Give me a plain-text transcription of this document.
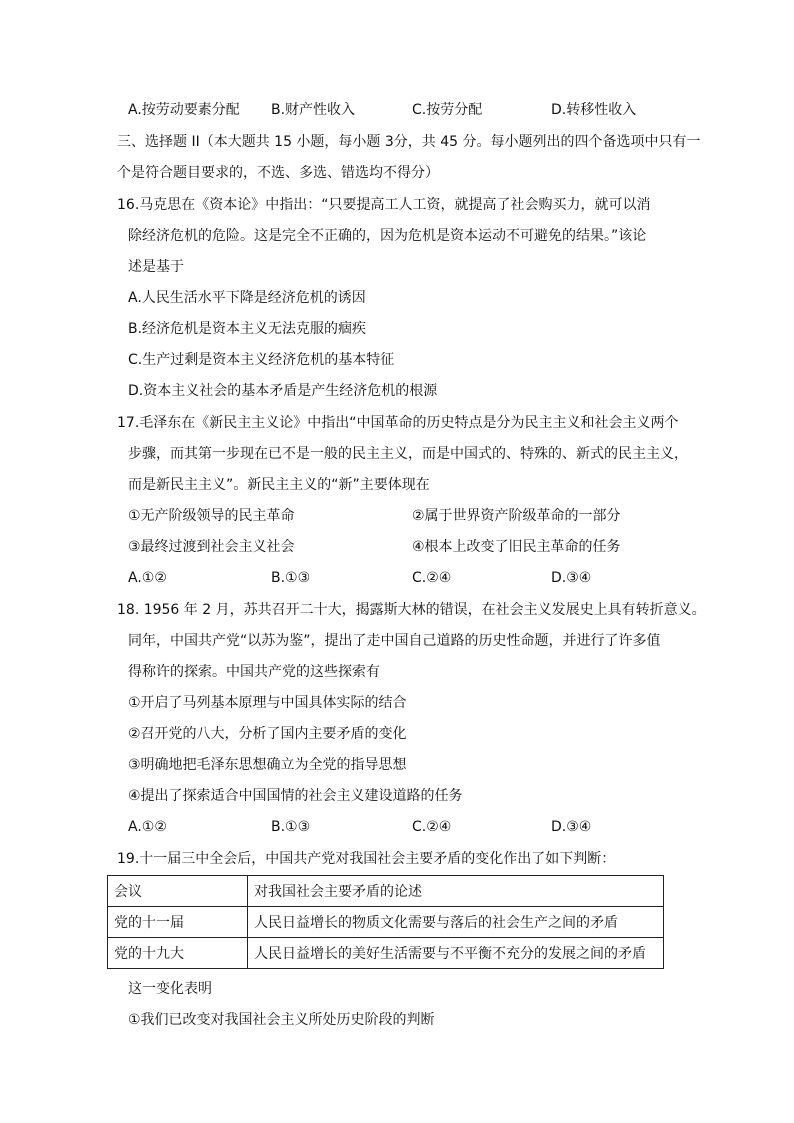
A.按劳动要素分配 B.财产性收入	C.按劳分配	D.转移性收入
三、选择题 II（本大题共 15 小题，每小题 3分，共 45 分。每小题列出的四个备选项中只有一
个是符合题目要求的，不选、多选、错选均不得分）
16.马克思在《资本论》中指出：“只要提高工人工资，就提高了社会购买力，就可以消
除经济危机的危险。这是完全不正确的，因为危机是资本运动不可避免的结果。”该论
述是基于
A.人民生活水平下降是经济危机的诱因
B.经济危机是资本主义无法克服的痼疾
C.生产过剩是资本主义经济危机的基本特征
D.资本主义社会的基本矛盾是产生经济危机的根源
17.毛泽东在《新民主主义论》中指出“中国革命的历史特点是分为民主主义和社会主义两个
步骤，而其第一步现在已不是一般的民主主义，而是中国式的、特殊的、新式的民主主义，
而是新民主主义”。新民主主义的“新”主要体现在
①无产阶级领导的民主革命	②属于世界资产阶级革命的一部分
③最终过渡到社会主义社会	④根本上改变了旧民主革命的任务
A.①②	B.①③	C.②④	D.③④
18. 1956 年 2 月，苏共召开二十大，揭露斯大林的错误，在社会主义发展史上具有转折意义。
同年，中国共产党“以苏为鉴”，提出了走中国自己道路的历史性命题，并进行了许多值
得称许的探索。中国共产党的这些探索有
①开启了马列基本原理与中国具体实际的结合
②召开党的八大，分析了国内主要矛盾的变化
③明确地把毛泽东思想确立为全党的指导思想
④提出了探索适合中国国情的社会主义建设道路的任务
A.①②	B.①③	C.②④	D.③④
19.十一届三中全会后，中国共产党对我国社会主要矛盾的变化作出了如下判断：
会议	对我国社会主要矛盾的论述
党的十一届	人民日益增长的物质文化需要与落后的社会生产之间的矛盾
党的十九大	人民日益增长的美好生活需要与不平衡不充分的发展之间的矛盾
这一变化表明
①我们已改变对我国社会主义所处历史阶段的判断
